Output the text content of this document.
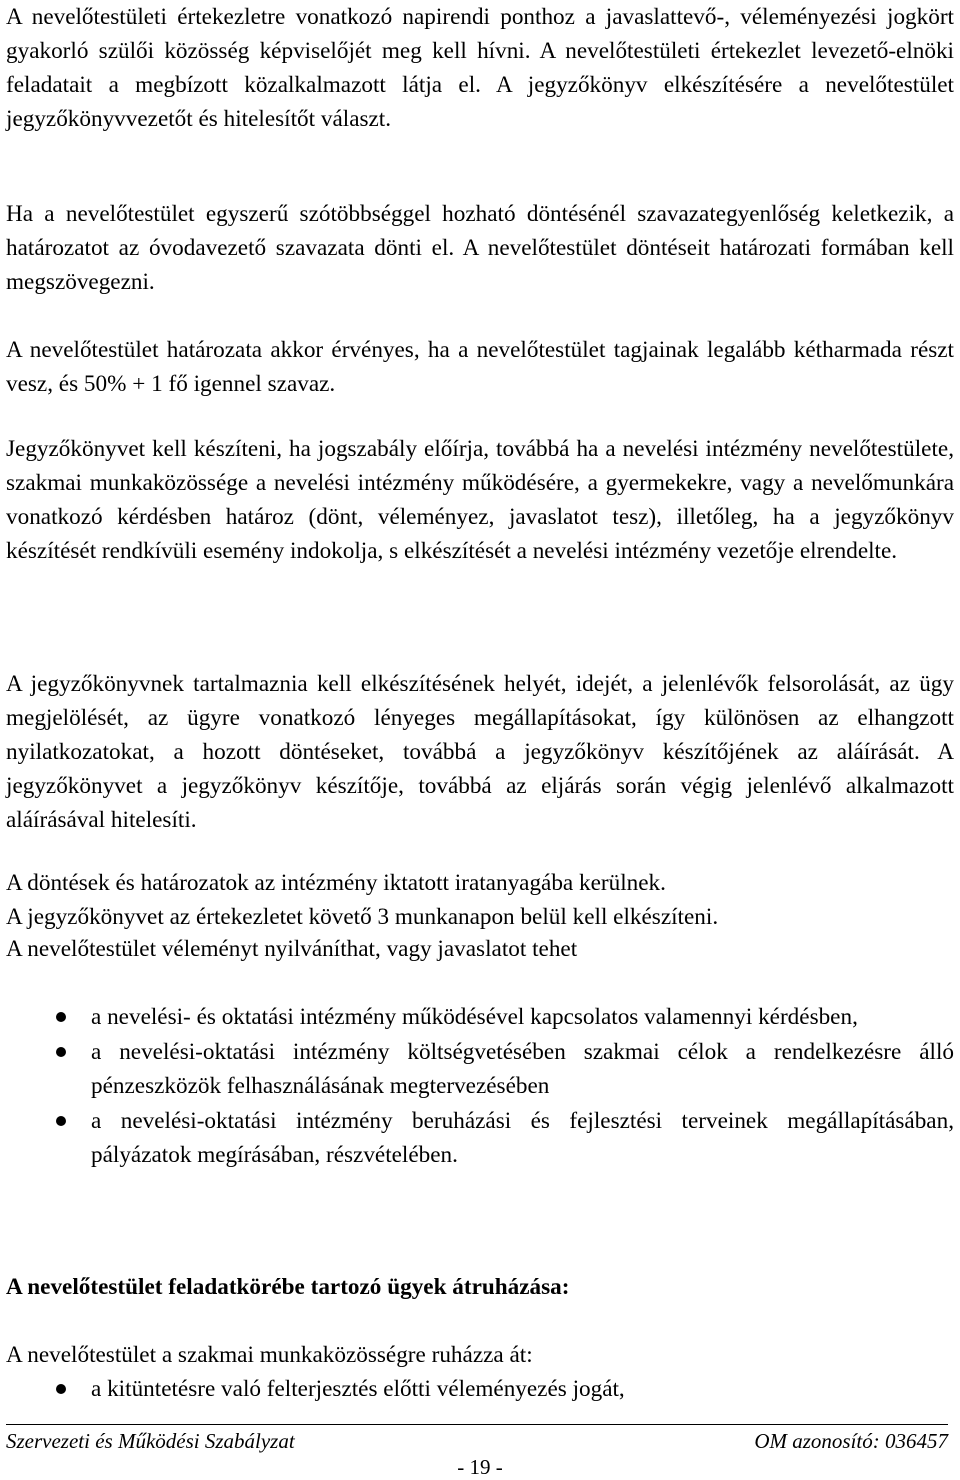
A nevelőtestületi értekezletre vonatkozó napirendi ponthoz a javaslattevő-, véleményezési jogkört gyakorló szülői közösség képviselőjét meg kell hívni. A nevelőtestületi értekezlet levezető-elnöki feladatait a megbízott közalkalmazott látja el. A jegyzőkönyv elkészítésére a nevelőtestület jegyzőkönyvvezetőt és hitelesítőt választ.

Ha a nevelőtestület egyszerű szótöbbséggel hozható döntésénél szavazategyenlőség keletkezik, a határozatot az óvodavezető szavazata dönti el. A nevelőtestület döntéseit határozati formában kell megszövegezni.

A nevelőtestület határozata akkor érvényes, ha a nevelőtestület tagjainak legalább kétharmada részt vesz, és 50% + 1 fő igennel szavaz.

Jegyzőkönyvet kell készíteni, ha jogszabály előírja, továbbá ha a nevelési intézmény nevelőtestülete, szakmai munkaközössége a nevelési intézmény működésére, a gyermekekre, vagy a nevelőmunkára vonatkozó kérdésben határoz (dönt, véleményez, javaslatot tesz), illetőleg, ha a jegyzőkönyv készítését rendkívüli esemény indokolja, s elkészítését a nevelési intézmény vezetője elrendelte.

A jegyzőkönyvnek tartalmaznia kell elkészítésének helyét, idejét, a jelenlévők felsorolását, az ügy megjelölését, az ügyre vonatkozó lényeges megállapításokat, így különösen az elhangzott nyilatkozatokat, a hozott döntéseket, továbbá a jegyzőkönyv készítőjének az aláírását. A jegyzőkönyvet a jegyzőkönyv készítője, továbbá az eljárás során végig jelenlévő alkalmazott aláírásával hitelesíti.

A döntések és határozatok az intézmény iktatott iratanyagába kerülnek.
A jegyzőkönyvet az értekezletet követő 3 munkanapon belül kell elkészíteni.
A nevelőtestület véleményt nyilváníthat, vagy javaslatot tehet
a nevelési- és oktatási intézmény működésével kapcsolatos valamennyi kérdésben,
a nevelési-oktatási intézmény költségvetésében szakmai célok a rendelkezésre álló pénzeszközök felhasználásának megtervezésében
a nevelési-oktatási intézmény beruházási és fejlesztési terveinek megállapításában, pályázatok megírásában, részvételében.
A nevelőtestület feladatkörébe tartozó ügyek átruházása:
A nevelőtestület a szakmai munkaközösségre ruházza át:
a kitüntetésre való felterjesztés előtti véleményezés jogát,
Szervezeti és Működési Szabályzat	OM azonosító: 036457
- 19 -
